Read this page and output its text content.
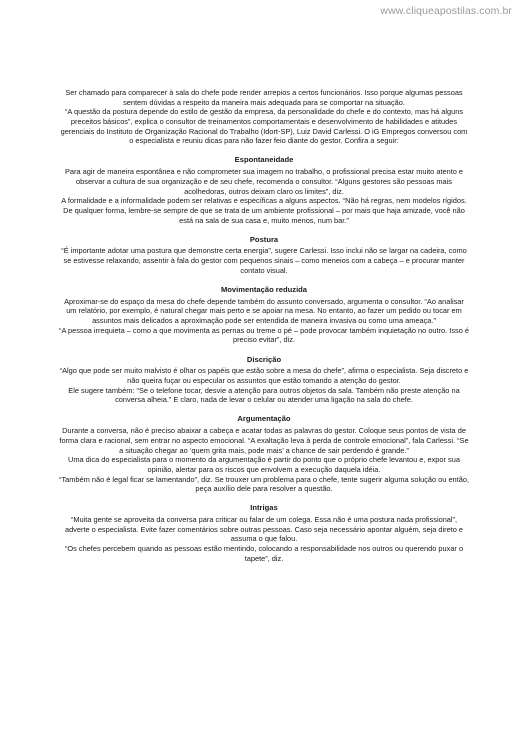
www.cliqueapostilas.com.br

Ser chamado para comparecer à sala do chefe pode render arrepios a certos funcionários. Isso porque algumas pessoas sentem dúvidas a respeito da maneira mais adequada para se comportar na situação.

“A questão da postura depende do estilo de gestão da empresa, da personalidade do chefe e do contexto, mas há alguns preceitos básicos”, explica o consultor de treinamentos comportamentais e desenvolvimento de habilidades e atitudes gerenciais do Instituto de Organização Racional do Trabalho (Idort-SP), Luiz David Carlessi. O iG Empregos conversou com o especialista e reuniu dicas para não fazer feio diante do gestor. Confira a seguir:

Espontaneidade

Para agir de maneira espontânea e não comprometer sua imagem no trabalho, o profissional precisa estar muito atento e observar a cultura de sua organização e de seu chefe, recomenda o consultor. “Alguns gestores são pessoas mais acolhedoras, outros deixam claro os limites”, diz.

A formalidade e a informalidade podem ser relativas e específicas a alguns aspectos. “Não há regras, nem modelos rígidos. De qualquer forma, lembre-se sempre de que se trata de um ambiente profissional – por mais que haja amizade, você não está na sala de sua casa e, muito menos, num bar.”

Postura

“É importante adotar uma postura que demonstre certa energia”, sugere Carlessi. Isso inclui não se largar na cadeira, como se estivesse relaxando, assentir à fala do gestor com pequenos sinais – como meneios com a cabeça – e procurar manter contato visual.

Movimentação reduzida

Aproximar-se do espaço da mesa do chefe depende também do assunto conversado, argumenta o consultor. “Ao analisar um relatório, por exemplo, é natural chegar mais perto e se apoiar na mesa. No entanto, ao fazer um pedido ou tocar em assuntos mais delicados a aproximação pode ser entendida de maneira invasiva ou como uma ameaça.”

“A pessoa irrequieta – como a que movimenta as pernas ou treme o pé – pode provocar também inquietação no outro. Isso é preciso evitar”, diz.

Discrição

“Algo que pode ser muito malvisto é olhar os papéis que estão sobre a mesa do chefe”, afirma o especialista. Seja discreto e não queira fuçar ou especular os assuntos que estão tomando a atenção do gestor.

Ele sugere também: “Se o telefone tocar, desvie a atenção para outros objetos da sala. Também não preste atenção na conversa alheia.” E claro, nada de levar o celular ou atender uma ligação na sala do chefe.

Argumentação

Durante a conversa, não é preciso abaixar a cabeça e acatar todas as palavras do gestor. Coloque seus pontos de vista de forma clara e racional, sem entrar no aspecto emocional. “A exaltação leva à perda de controle emocional”, fala Carlessi. “Se a situação chegar ao ‘quem grita mais, pode mais’ a chance de sair perdendo é grande.”

Uma dica do especialista para o momento da argumentação é partir do ponto que o próprio chefe levantou e, expor sua opinião, alertar para os riscos que envolvem a execução daquela idéia.

“Também não é legal ficar se lamentando”, diz. Se trouxer um problema para o chefe, tente sugerir alguma solução ou então, peça auxílio dele para resolver a questão.

Intrigas

“Muita gente se aproveita da conversa para criticar ou falar de um colega. Essa não é uma postura nada profissional”, adverte o especialista. Evite fazer comentários sobre outras pessoas. Caso seja necessário apontar alguém, seja direto e assuma o que falou.

“Os chefes percebem quando as pessoas estão mentindo, colocando a responsabilidade nos outros ou querendo puxar o tapete”, diz.
